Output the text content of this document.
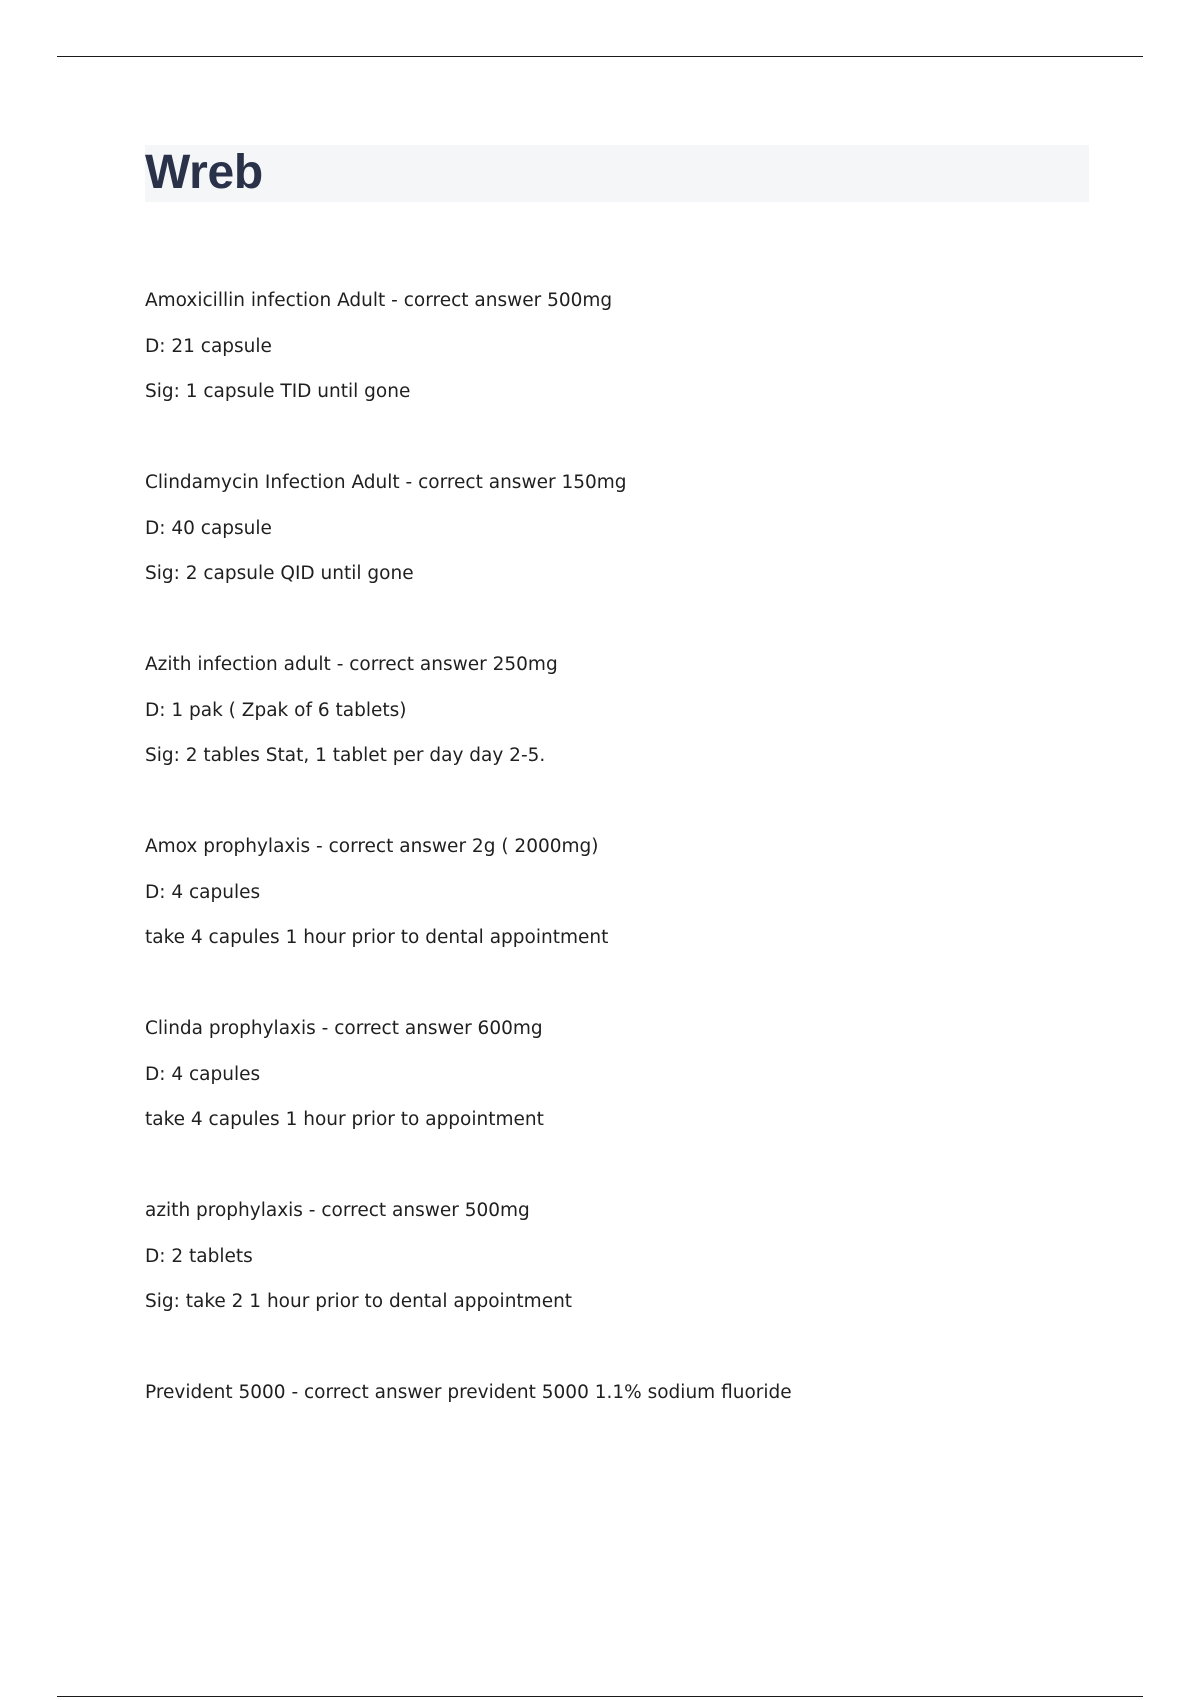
Wreb

Amoxicillin infection Adult - correct answer 500mg

D: 21 capsule

Sig: 1 capsule TID until gone

Clindamycin Infection Adult - correct answer 150mg

D: 40 capsule

Sig: 2 capsule QID until gone

Azith infection adult - correct answer 250mg

D: 1 pak ( Zpak of 6 tablets)

Sig: 2 tables Stat, 1 tablet per day day 2-5.

Amox prophylaxis - correct answer 2g ( 2000mg)

D: 4 capules

take 4 capules 1 hour prior to dental appointment

Clinda prophylaxis - correct answer 600mg

D: 4 capules

take 4 capules 1 hour prior to appointment

azith prophylaxis - correct answer 500mg

D: 2 tablets

Sig: take 2 1 hour prior to dental appointment

Prevident 5000 - correct answer prevident 5000 1.1% sodium fluoride
